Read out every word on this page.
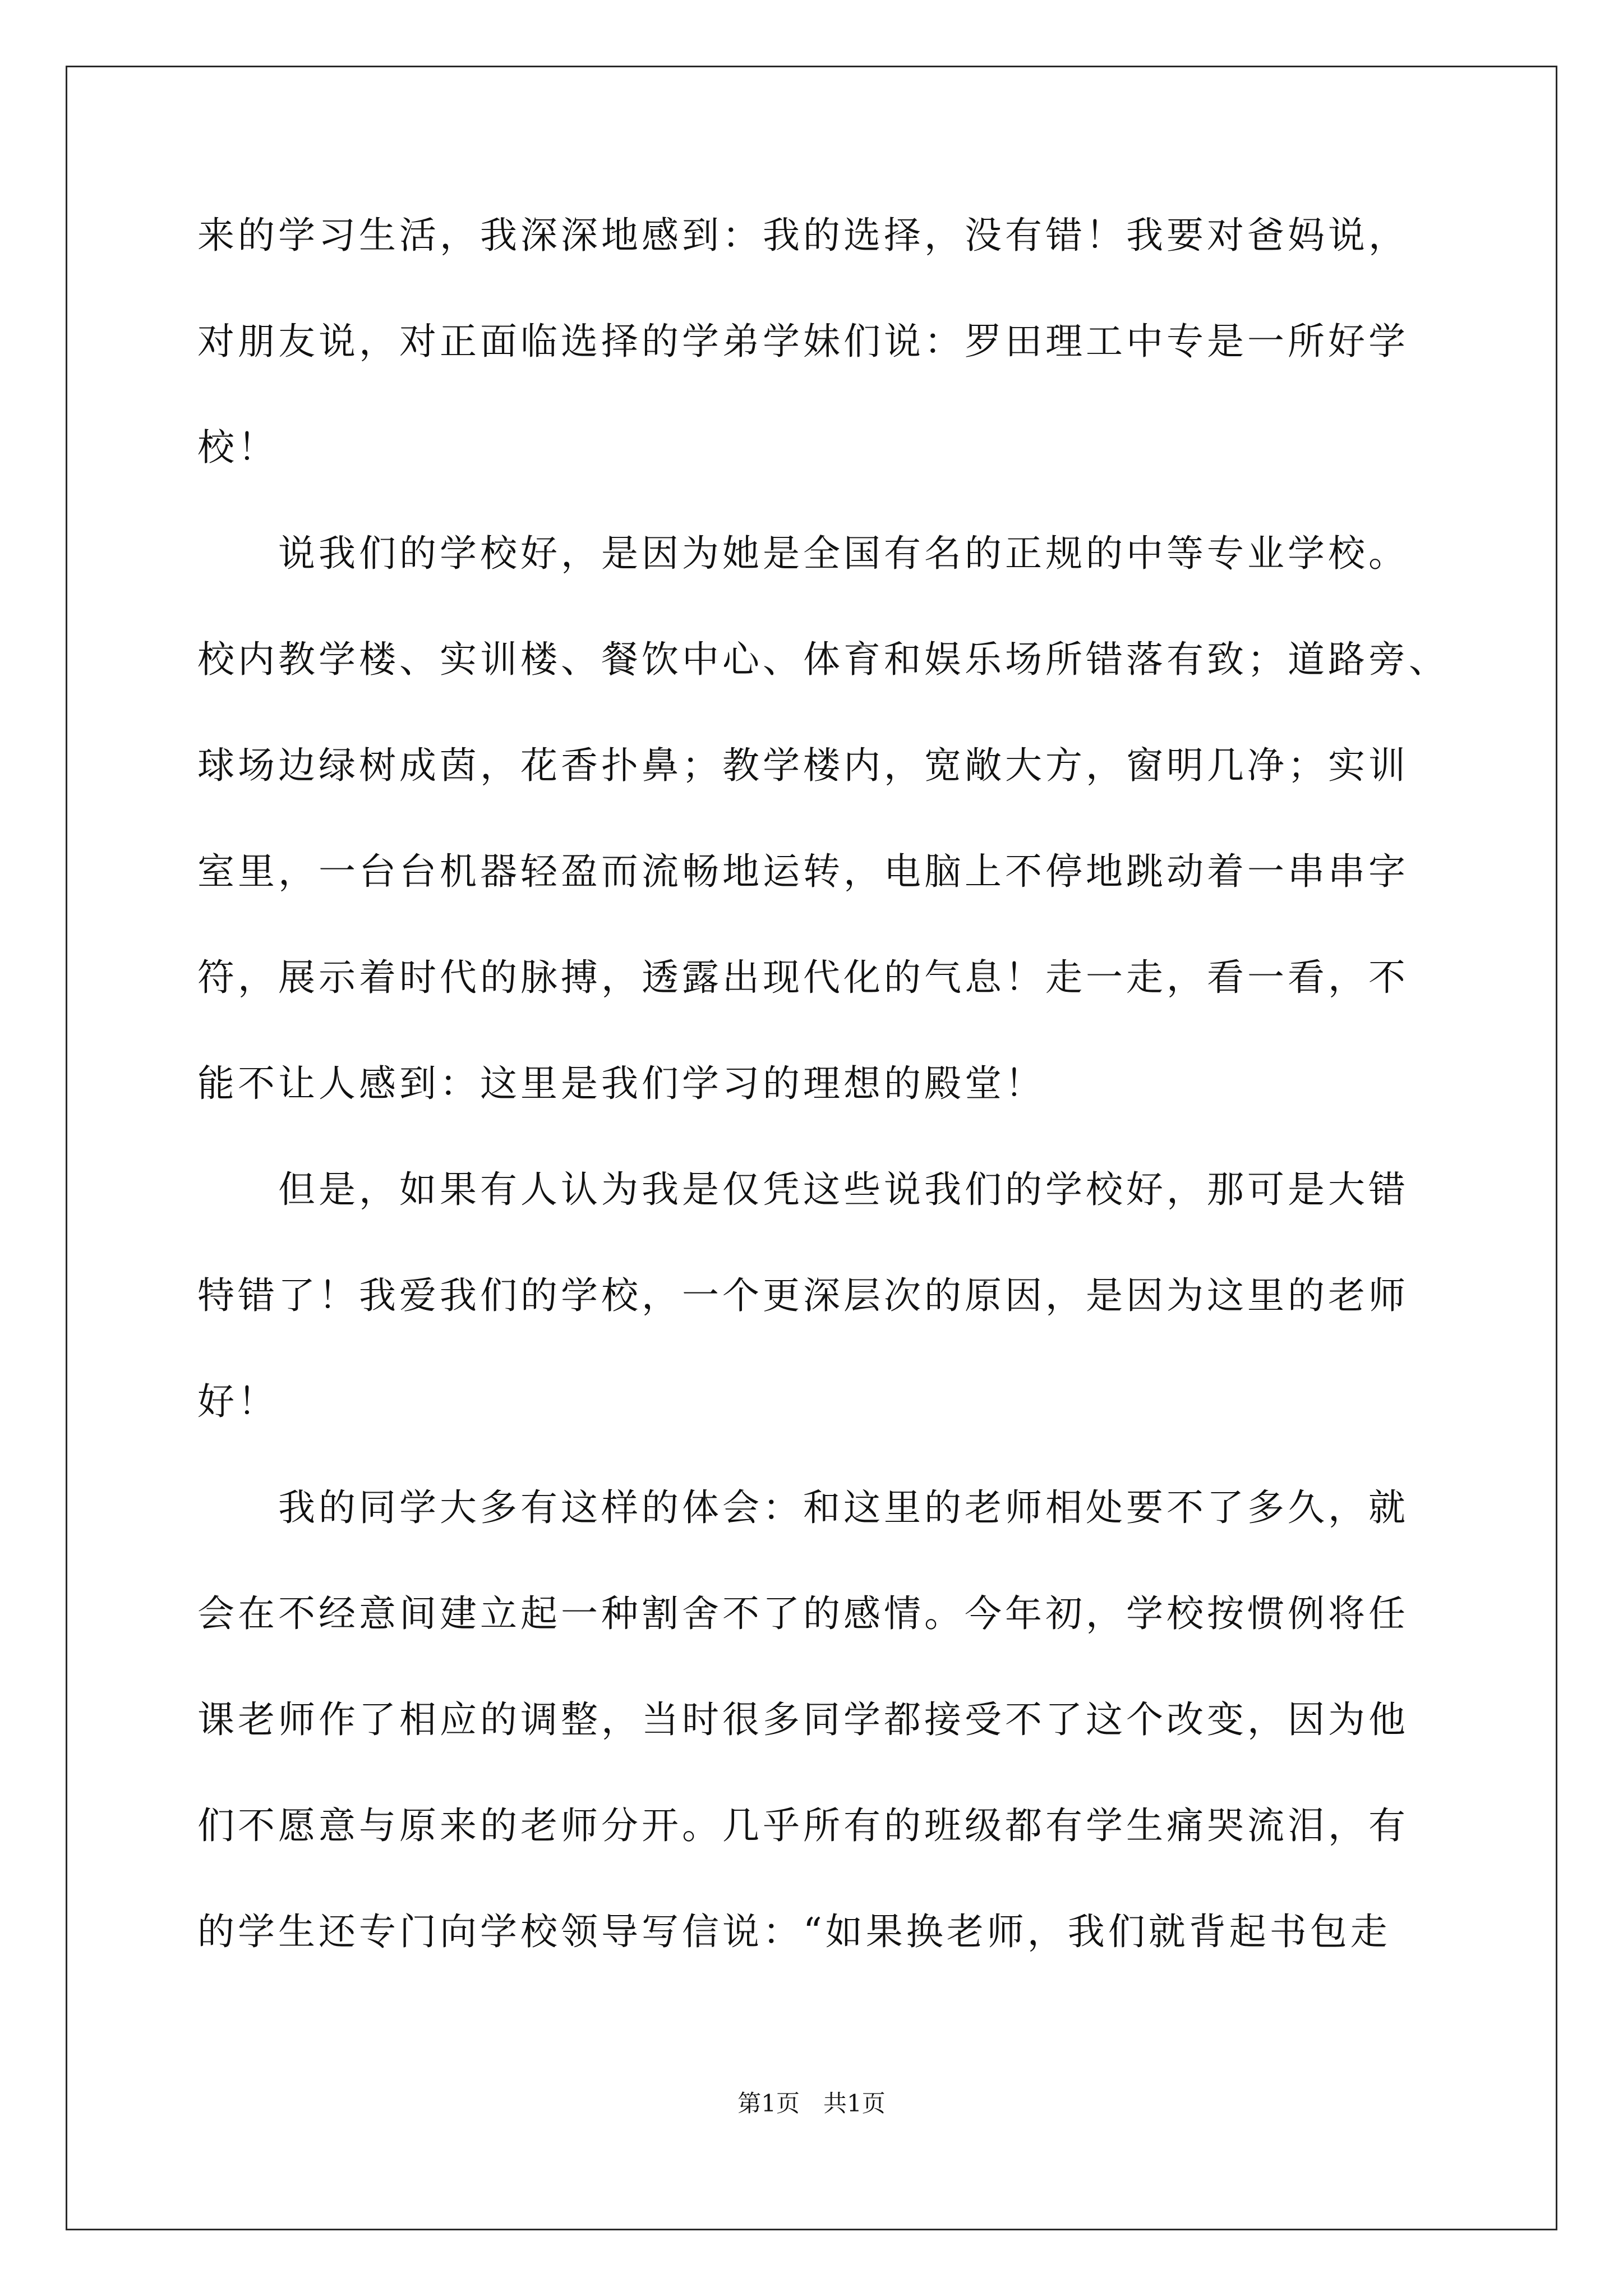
来的学习生活，我深深地感到：我的选择，没有错！我要对爸妈说，
对朋友说，对正面临选择的学弟学妹们说：罗田理工中专是一所好学
校！
　　说我们的学校好，是因为她是全国有名的正规的中等专业学校。
校内教学楼、实训楼、餐饮中心、体育和娱乐场所错落有致；道路旁、
球场边绿树成茵，花香扑鼻；教学楼内，宽敞大方，窗明几净；实训
室里，一台台机器轻盈而流畅地运转，电脑上不停地跳动着一串串字
符，展示着时代的脉搏，透露出现代化的气息！走一走，看一看，不
能不让人感到：这里是我们学习的理想的殿堂！
　　但是，如果有人认为我是仅凭这些说我们的学校好，那可是大错
特错了！我爱我们的学校，一个更深层次的原因，是因为这里的老师
好！
　　我的同学大多有这样的体会：和这里的老师相处要不了多久，就
会在不经意间建立起一种割舍不了的感情。今年初，学校按惯例将任
课老师作了相应的调整，当时很多同学都接受不了这个改变，因为他
们不愿意与原来的老师分开。几乎所有的班级都有学生痛哭流泪，有
的学生还专门向学校领导写信说：“如果换老师，我们就背起书包走
第1页　共1页
